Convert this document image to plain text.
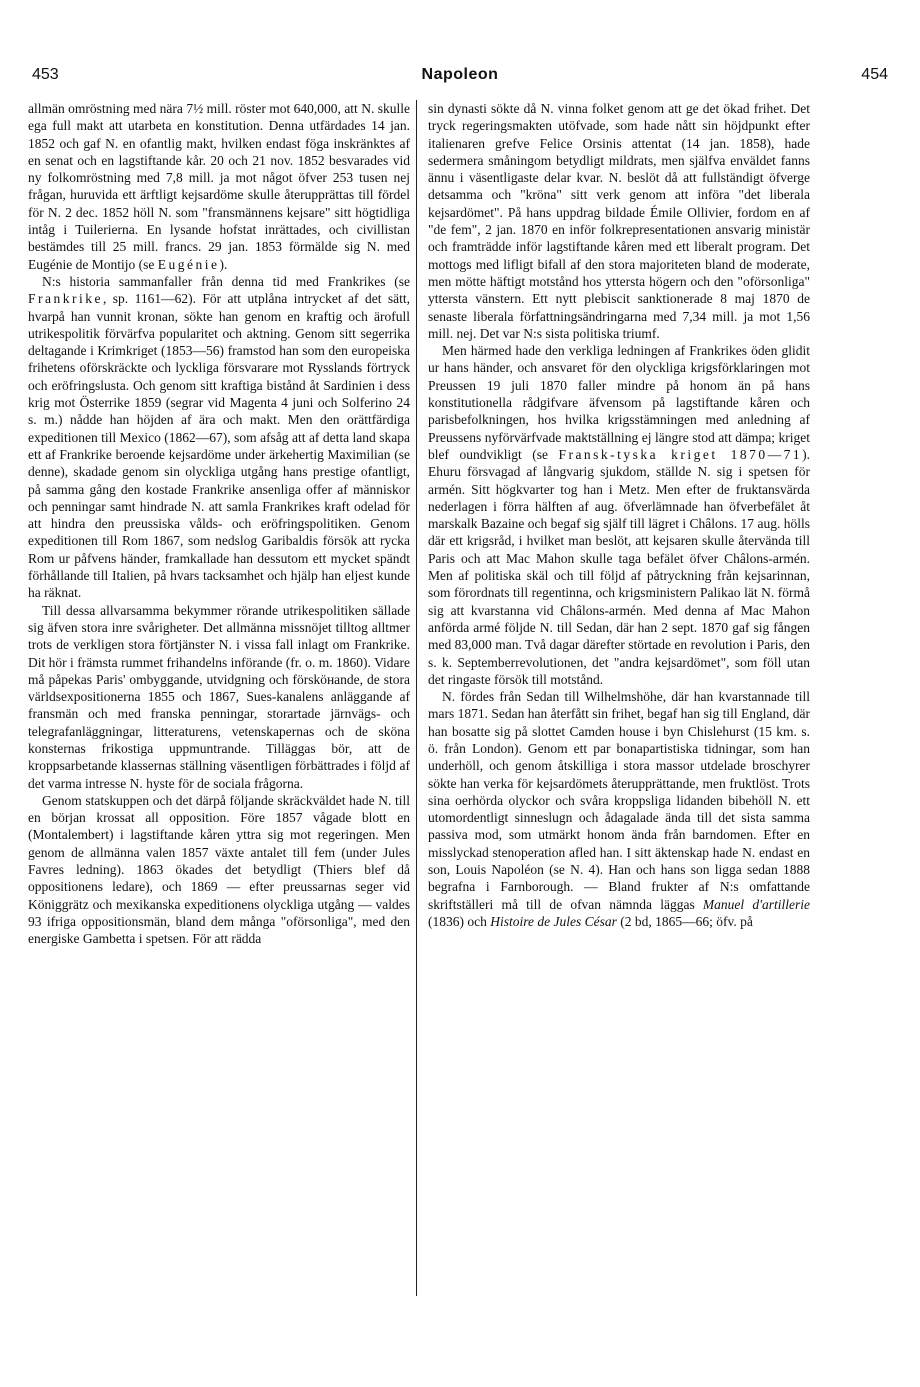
453	Napoleon	454

allmän omröstning med nära 7½ mill. röster mot 640,000, att N. skulle ega full makt att utarbeta en konstitution. Denna utfärdades 14 jan. 1852 och gaf N. en ofantlig makt, hvilken endast föga inskränktes af en senat och en lagstiftande kår. 20 och 21 nov. 1852 besvarades vid ny folkomröstning med 7,8 mill. ja mot något öfver 253 tusen nej frågan, huruvida ett ärftligt kejsardöme skulle återupprättas till fördel för N. 2 dec. 1852 höll N. som "fransmännens kejsare" sitt högtidliga intåg i Tuilerierna. En lysande hofstat inrättades, och civillistan bestämdes till 25 mill. francs. 29 jan. 1853 förmälde sig N. med Eugénie de Montijo (se Eugénie).

N:s historia sammanfaller från denna tid med Frankrikes (se Frankrike, sp. 1161—62). För att utplåna intrycket af det sätt, hvarpå han vunnit kronan, sökte han genom en kraftig och ärofull utrikespolitik förvärfva popularitet och aktning. Genom sitt segerrika deltagande i Krimkriget (1853—56) framstod han som den europeiska frihetens oförskräckte och lyckliga försvarare mot Rysslands förtryck och eröfringslusta. Och genom sitt kraftiga bistånd åt Sardinien i dess krig mot Österrike 1859 (segrar vid Magenta 4 juni och Solferino 24 s. m.) nådde han höjden af ära och makt. Men den orättfärdiga expeditionen till Mexico (1862—67), som afsåg att af detta land skapa ett af Frankrike beroende kejsardöme under ärkehertig Maximilian (se denne), skadade genom sin olyckliga utgång hans prestige ofantligt, på samma gång den kostade Frankrike ansenliga offer af människor och penningar samt hindrade N. att samla Frankrikes kraft odelad för att hindra den preussiska vålds- och eröfringspolitiken. Genom expeditionen till Rom 1867, som nedslog Garibaldis försök att rycka Rom ur påfvens händer, framkallade han dessutom ett mycket spändt förhållande till Italien, på hvars tacksamhet och hjälp han eljest kunde ha räknat.

Till dessa allvarsamma bekymmer rörande utrikespolitiken sällade sig äfven stora inre svårigheter. Det allmänna missnöjet tilltog alltmer trots de verkligen stora förtjänster N. i vissa fall inlagt om Frankrike. Dit hör i främsta rummet frihandelns införande (fr. o. m. 1860). Vidare må påpekas Paris' ombyggande, utvidgning och försköнande, de stora världsexpositionerna 1855 och 1867, Sues-kanalens anläggande af fransmän och med franska penningar, storartade järnvägs- och telegrafanläggningar, litteraturens, vetenskapernas och de sköna konsternas frikostiga uppmuntrande. Tilläggas bör, att de kroppsarbetande klassernas ställning väsentligen förbättrades i följd af det varma intresse N. hyste för de sociala frågorna.

Genom statskuppen och det därpå följande skräckväldet hade N. till en början krossat all opposition. Före 1857 vågade blott en (Montalembert) i lagstiftande kåren yttra sig mot regeringen. Men genom de allmänna valen 1857 växte antalet till fem (under Jules Favres ledning). 1863 ökades det betydligt (Thiers blef då oppositionens ledare), och 1869 — efter preussarnas seger vid Königgrätz och mexikanska expeditionens olyckliga utgång — valdes 93 ifriga oppositionsmän, bland dem många "oförsonliga", med den energiske Gambetta i spetsen. För att rädda

sin dynasti sökte då N. vinna folket genom att ge det ökad frihet. Det tryck regeringsmakten utöfvade, som hade nått sin höjdpunkt efter italienaren grefve Felice Orsinis attentat (14 jan. 1858), hade sedermera småningom betydligt mildrats, men själfva enväldet fanns ännu i väsentligaste delar kvar. N. beslöt då att fullständigt öfverge detsamma och "kröna" sitt verk genom att införa "det liberala kejsardömet". På hans uppdrag bildade Émile Ollivier, fordom en af "de fem", 2 jan. 1870 en inför folkrepresentationen ansvarig ministär och framträdde inför lagstiftande kåren med ett liberalt program. Det mottogs med lifligt bifall af den stora majoriteten bland de moderate, men mötte häftigt motstånd hos yttersta högern och den "oförsonliga" yttersta vänstern. Ett nytt plebiscit sanktionerade 8 maj 1870 de senaste liberala författningsändringarna med 7,34 mill. ja mot 1,56 mill. nej. Det var N:s sista politiska triumf.

Men härmed hade den verkliga ledningen af Frankrikes öden glidit ur hans händer, och ansvaret för den olyckliga krigsförklaringen mot Preussen 19 juli 1870 faller mindre på honom än på hans konstitutionella rådgifvare äfvensom på lagstiftande kåren och parisbefolkningen, hos hvilka krigsstämningen med anledning af Preussens nyförvärfvade maktställning ej längre stod att dämpa; kriget blef oundvikligt (se Fransk-tyska kriget 1870—71). Ehuru försvagad af långvarig sjukdom, ställde N. sig i spetsen för armén. Sitt högkvarter tog han i Metz. Men efter de fruktansvärda nederlagen i förra hälften af aug. öfverlämnade han öfverbefälet åt marskalk Bazaine och begaf sig själf till lägret i Châlons. 17 aug. hölls där ett krigsråd, i hvilket man beslöt, att kejsaren skulle återvända till Paris och att Mac Mahon skulle taga befälet öfver Châlons-armén. Men af politiska skäl och till följd af påtryckning från kejsarinnan, som förordnats till regentinna, och krigsministern Palikao lät N. förmå sig att kvarstanna vid Châlons-armén. Med denna af Mac Mahon anförda armé följde N. till Sedan, där han 2 sept. 1870 gaf sig fången med 83,000 man. Två dagar därefter störtade en revolution i Paris, den s. k. Septemberrevolutionen, det "andra kejsardömet", som föll utan det ringaste försök till motstånd.

N. fördes från Sedan till Wilhelmshöhe, där han kvarstannade till mars 1871. Sedan han återfått sin frihet, begaf han sig till England, där han bosatte sig på slottet Camden house i byn Chislehurst (15 km. s. ö. från London). Genom ett par bonapartistiska tidningar, som han underhöll, och genom åtskilliga i stora massor utdelade broschyrer sökte han verka för kejsardömets återupprättande, men fruktlöst. Trots sina oerhörda olyckor och svåra kroppsliga lidanden bibehöll N. ett utomordentligt sinneslugn och ådagalade ända till det sista samma passiva mod, som utmärkt honom ända från barndomen. Efter en misslyckad stenoperation afled han. I sitt äktenskap hade N. endast en son, Louis Napoléon (se N. 4). Han och hans son ligga sedan 1888 begrafna i Farnborough. — Bland frukter af N:s omfattande skriftställeri må till de ofvan nämnda läggas Manuel d'artillerie (1836) och Histoire de Jules César (2 bd, 1865—66; öfv. på
